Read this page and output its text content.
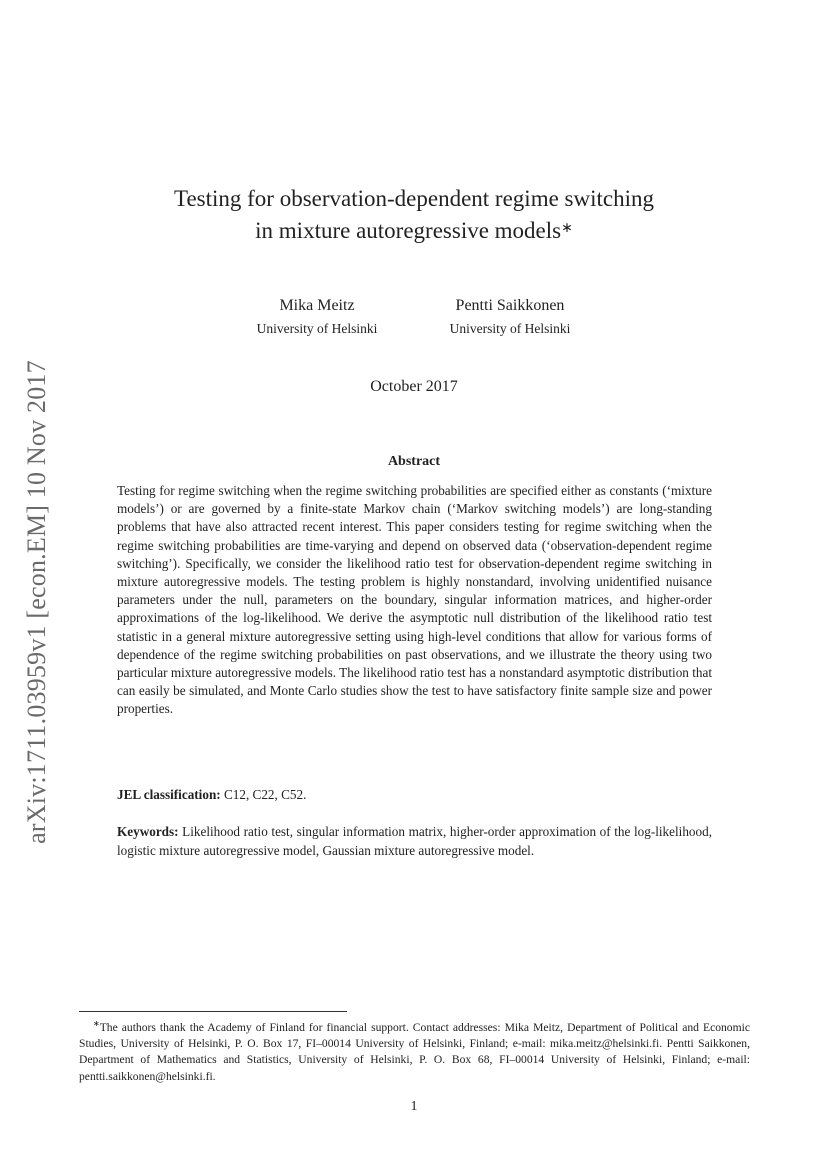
arXiv:1711.03959v1 [econ.EM] 10 Nov 2017
Testing for observation-dependent regime switching
in mixture autoregressive models∗
Mika Meitz
University of Helsinki
Pentti Saikkonen
University of Helsinki
October 2017
Abstract

Testing for regime switching when the regime switching probabilities are specified either as constants (‘mixture models’) or are governed by a finite-state Markov chain (‘Markov switching models’) are long-standing problems that have also attracted recent interest. This paper considers testing for regime switching when the regime switching probabilities are time-varying and depend on observed data (‘observation-dependent regime switching’). Specifically, we consider the likelihood ratio test for observation-dependent regime switching in mixture autoregressive models. The testing problem is highly nonstandard, involving unidentified nuisance parameters under the null, parameters on the boundary, singular information matrices, and higher-order approximations of the log-likelihood. We derive the asymptotic null distribution of the likelihood ratio test statistic in a general mixture autoregressive setting using high-level conditions that allow for various forms of dependence of the regime switching probabilities on past observations, and we illustrate the theory using two particular mixture autoregressive models. The likelihood ratio test has a nonstandard asymptotic distribution that can easily be simulated, and Monte Carlo studies show the test to have satisfactory finite sample size and power properties.

JEL classification: C12, C22, C52.

Keywords: Likelihood ratio test, singular information matrix, higher-order approximation of the log-likelihood, logistic mixture autoregressive model, Gaussian mixture autoregressive model.

∗The authors thank the Academy of Finland for financial support. Contact addresses: Mika Meitz, Department of Political and Economic Studies, University of Helsinki, P. O. Box 17, FI–00014 University of Helsinki, Finland; e-mail: mika.meitz@helsinki.fi. Pentti Saikkonen, Department of Mathematics and Statistics, University of Helsinki, P. O. Box 68, FI–00014 University of Helsinki, Finland; e-mail: pentti.saikkonen@helsinki.fi.

1
